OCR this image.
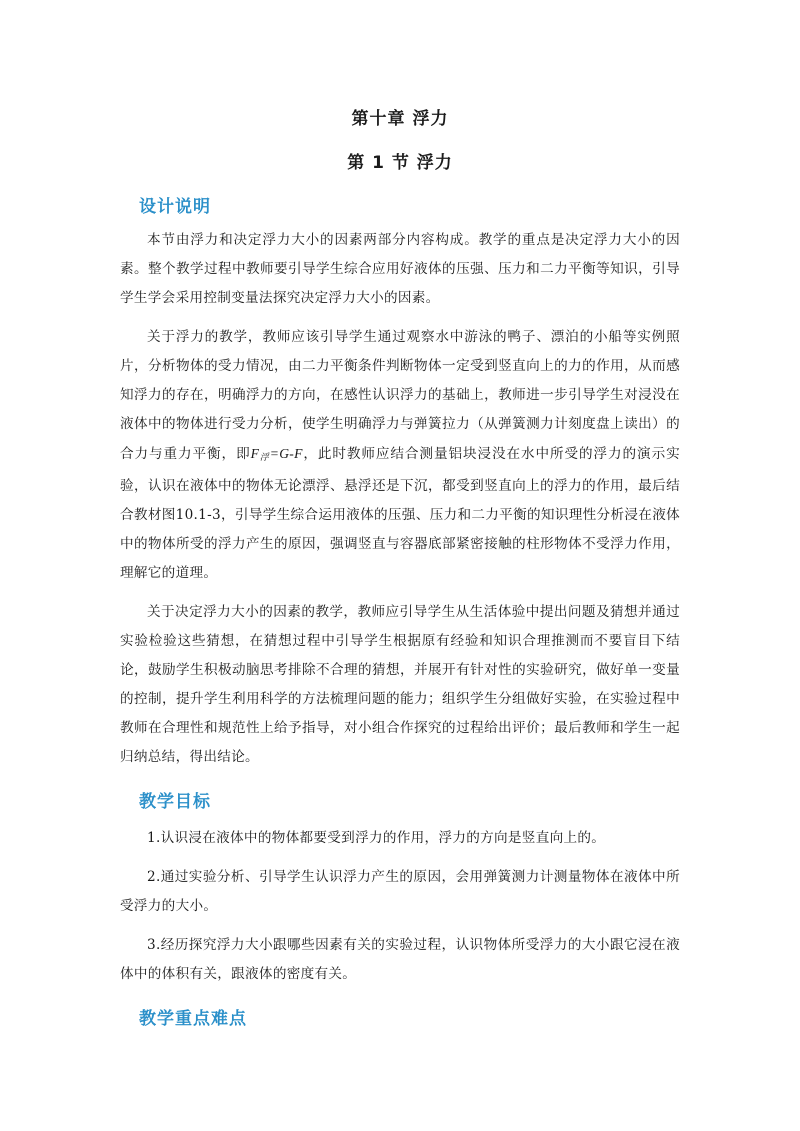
第十章 浮力
第 1 节 浮力
设计说明

本节由浮力和决定浮力大小的因素两部分内容构成。教学的重点是决定浮力大小的因素。整个教学过程中教师要引导学生综合应用好液体的压强、压力和二力平衡等知识，引导学生学会采用控制变量法探究决定浮力大小的因素。

关于浮力的教学，教师应该引导学生通过观察水中游泳的鸭子、漂泊的小船等实例照片，分析物体的受力情况，由二力平衡条件判断物体一定受到竖直向上的力的作用，从而感知浮力的存在，明确浮力的方向，在感性认识浮力的基础上，教师进一步引导学生对浸没在液体中的物体进行受力分析，使学生明确浮力与弹簧拉力（从弹簧测力计刻度盘上读出）的合力与重力平衡，即$F_浮=G-F$，此时教师应结合测量铝块浸没在水中所受的浮力的演示实验，认识在液体中的物体无论漂浮、悬浮还是下沉，都受到竖直向上的浮力的作用，最后结合教材图10.1-3，引导学生综合运用液体的压强、压力和二力平衡的知识理性分析浸在液体中的物体所受的浮力产生的原因，强调竖直与容器底部紧密接触的柱形物体不受浮力作用，理解它的道理。

关于决定浮力大小的因素的教学，教师应引导学生从生活体验中提出问题及猜想并通过实验检验这些猜想，在猜想过程中引导学生根据原有经验和知识合理推测而不要盲目下结论，鼓励学生积极动脑思考排除不合理的猜想，并展开有针对性的实验研究，做好单一变量的控制，提升学生利用科学的方法梳理问题的能力；组织学生分组做好实验，在实验过程中教师在合理性和规范性上给予指导，对小组合作探究的过程给出评价；最后教师和学生一起归纳总结，得出结论。

教学目标

1.认识浸在液体中的物体都要受到浮力的作用，浮力的方向是竖直向上的。

2.通过实验分析、引导学生认识浮力产生的原因，会用弹簧测力计测量物体在液体中所受浮力的大小。

3.经历探究浮力大小跟哪些因素有关的实验过程，认识物体所受浮力的大小跟它浸在液体中的体积有关，跟液体的密度有关。

教学重点难点
